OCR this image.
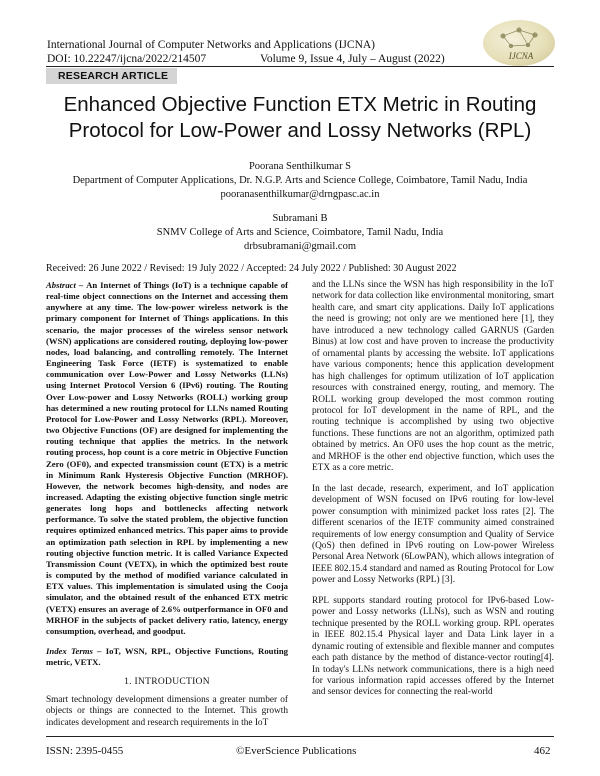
International Journal of Computer Networks and Applications (IJCNA)
DOI: 10.22247/ijcna/2022/214507	Volume 9, Issue 4, July – August (2022)	IJCNA
RESEARCH ARTICLE
Enhanced Objective Function ETX Metric in Routing Protocol for Low-Power and Lossy Networks (RPL)
Poorana Senthilkumar S
Department of Computer Applications, Dr. N.G.P. Arts and Science College, Coimbatore, Tamil Nadu, India
pooranasenthilkumar@drngpasc.ac.in
Subramani B
SNMV College of Arts and Science, Coimbatore, Tamil Nadu, India
drbsubramani@gmail.com
Received: 26 June 2022 / Revised: 19 July 2022 / Accepted: 24 July 2022 / Published: 30 August 2022

Abstract – An Internet of Things (IoT) is a technique capable of real-time object connections on the Internet and accessing them anywhere at any time. The low-power wireless network is the primary component for Internet of Things applications. In this scenario, the major processes of the wireless sensor network (WSN) applications are considered routing, deploying low-power nodes, load balancing, and controlling remotely. The Internet Engineering Task Force (IETF) is systematized to enable communication over Low-Power and Lossy Networks (LLNs) using Internet Protocol Version 6 (IPv6) routing. The Routing Over Low-power and Lossy Networks (ROLL) working group has determined a new routing protocol for LLNs named Routing Protocol for Low-Power and Lossy Networks (RPL). Moreover, two Objective Functions (OF) are designed for implementing the routing technique that applies the metrics. In the network routing process, hop count is a core metric in Objective Function Zero (OF0), and expected transmission count (ETX) is a metric in Minimum Rank Hysteresis Objective Function (MRHOF). However, the network becomes high-density, and nodes are increased. Adapting the existing objective function single metric generates long hops and bottlenecks affecting network performance. To solve the stated problem, the objective function requires optimized enhanced metrics. This paper aims to provide an optimization path selection in RPL by implementing a new routing objective function metric. It is called Variance Expected Transmission Count (VETX), in which the optimized best route is computed by the method of modified variance calculated in ETX values. This implementation is simulated using the Cooja simulator, and the obtained result of the enhanced ETX metric (VETX) ensures an average of 2.6% outperformance in OF0 and MRHOF in the subjects of packet delivery ratio, latency, energy consumption, overhead, and goodput.

Index Terms – IoT, WSN, RPL, Objective Functions, Routing metric, VETX.

1. INTRODUCTION

Smart technology development dimensions a greater number of objects or things are connected to the Internet. This growth indicates development and research requirements in the IoT

and the LLNs since the WSN has high responsibility in the IoT network for data collection like environmental monitoring, smart health care, and smart city applications. Daily IoT applications the need is growing; not only are we mentioned here [1], they have introduced a new technology called GARNUS (Garden Binus) at low cost and have proven to increase the productivity of ornamental plants by accessing the website. IoT applications have various components; hence this application development has high challenges for optimum utilization of IoT application resources with constrained energy, routing, and memory. The ROLL working group developed the most common routing protocol for IoT development in the name of RPL, and the routing technique is accomplished by using two objective functions. These functions are not an algorithm, optimized path obtained by metrics. An OF0 uses the hop count as the metric, and MRHOF is the other end objective function, which uses the ETX as a core metric.

In the last decade, research, experiment, and IoT application development of WSN focused on IPv6 routing for low-level power consumption with minimized packet loss rates [2]. The different scenarios of the IETF community aimed constrained requirements of low energy consumption and Quality of Service (QoS) then defined in IPv6 routing on Low-power Wireless Personal Area Network (6LowPAN), which allows integration of IEEE 802.15.4 standard and named as Routing Protocol for Low power and Lossy Networks (RPL) [3].

RPL supports standard routing protocol for IPv6-based Low-power and Lossy networks (LLNs), such as WSN and routing technique presented by the ROLL working group. RPL operates in IEEE 802.15.4 Physical layer and Data Link layer in a dynamic routing of extensible and flexible manner and computes each path distance by the method of distance-vector routing[4]. In today's LLNs network communications, there is a high need for various information rapid accesses offered by the Internet and sensor devices for connecting the real-world

ISSN: 2395-0455	©EverScience Publications	462
